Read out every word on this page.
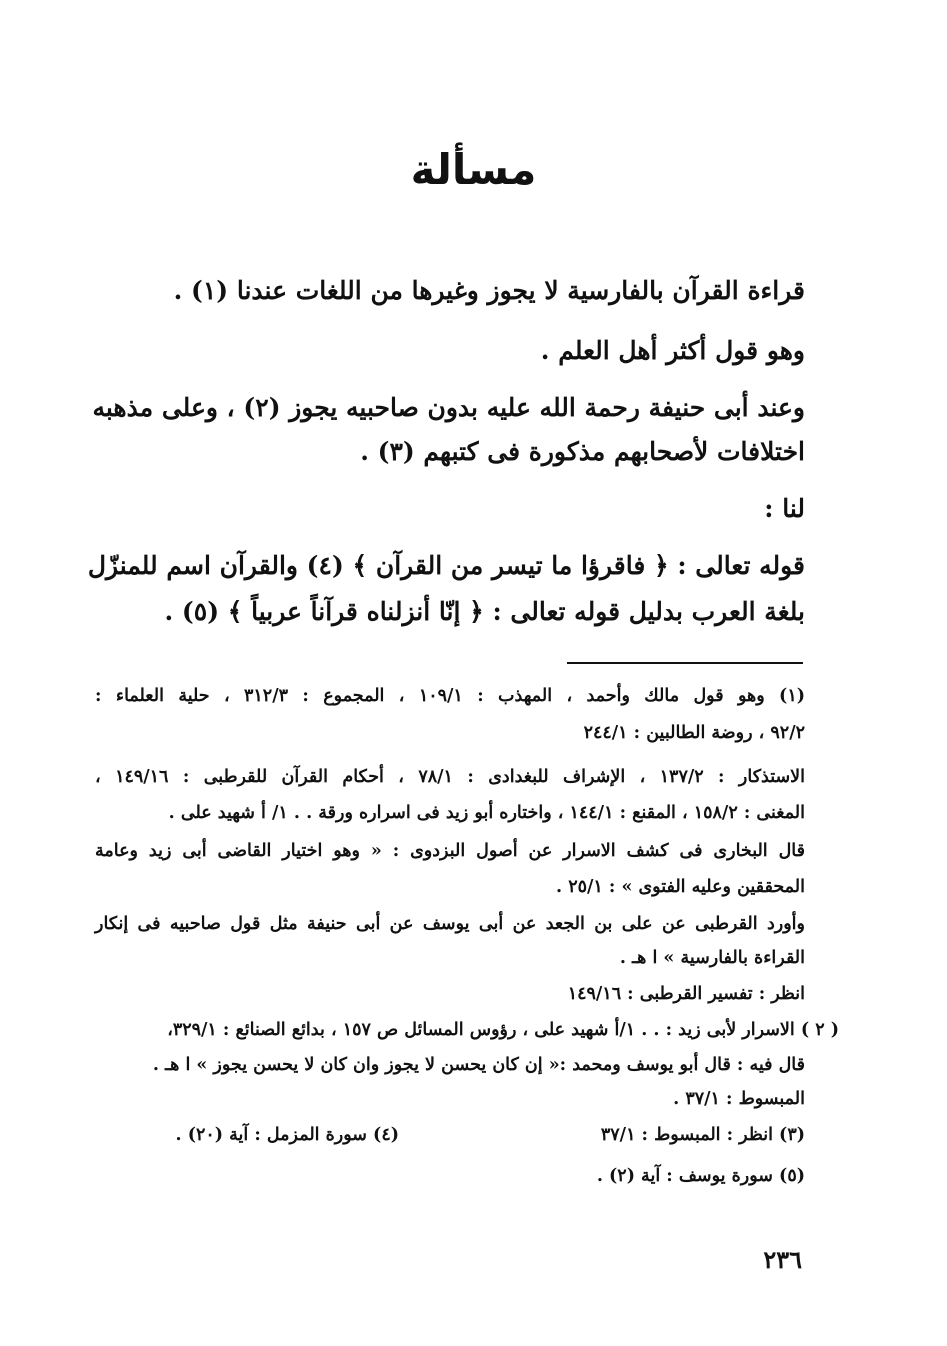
مسألة
قراءة القرآن بالفارسية لا يجوز وغيرها من اللغات عندنا (١) .
وهو قول أكثر أهل العلم .
وعند أبى حنيفة رحمة الله عليه بدون صاحبيه يجوز (٢) ، وعلى مذهبه
اختلافات لأصحابهم مذكورة فى كتبهم (٣) .
لنا :
قوله تعالى : ﴿ فاقرؤا ما تيسر من القرآن ﴾ (٤) والقرآن اسم للمنزّل
بلغة العرب بدليل قوله تعالى : ﴿ إنّا أنزلناه قرآناً عربياً ﴾ (٥) .
(١) وهو قول مالك وأحمد ، المهذب : ١٠٩/١ ، المجموع : ٣١٢/٣ ، حلية العلماء :
٩٢/٢ ، روضة الطالبين : ٢٤٤/١
الاستذكار : ١٣٧/٢ ، الإشراف للبغدادى : ٧٨/١ ، أحكام القرآن للقرطبى : ١٤٩/١٦ ،
المغنى : ١٥٨/٢ ، المقنع : ١٤٤/١ ، واختاره أبو زيد فى اسراره ورقة . . ١/ أ شهيد على .
قال البخارى فى كشف الاسرار عن أصول البزدوى : « وهو اختيار القاضى أبى زيد وعامة
المحققين وعليه الفتوى » : ٢٥/١ .
وأورد القرطبى عن على بن الجعد عن أبى يوسف عن أبى حنيفة مثل قول صاحبيه فى إنكار
القراءة بالفارسية » ا هـ .
انظر : تفسير القرطبى : ١٤٩/١٦
( ٢ ) الاسرار لأبى زيد : . . ١/أ شهيد على ، رؤوس المسائل ص ١٥٧ ، بدائع الصنائع : ٣٢٩/١،
قال فيه : قال أبو يوسف ومحمد :« إن كان يحسن لا يجوز وان كان لا يحسن يجوز » ا هـ .
المبسوط : ٣٧/١ .
(٣) انظر : المبسوط : ٣٧/١
(٤) سورة المزمل : آية (٢٠) .
(٥) سورة يوسف : آية (٢) .
٢٣٦
